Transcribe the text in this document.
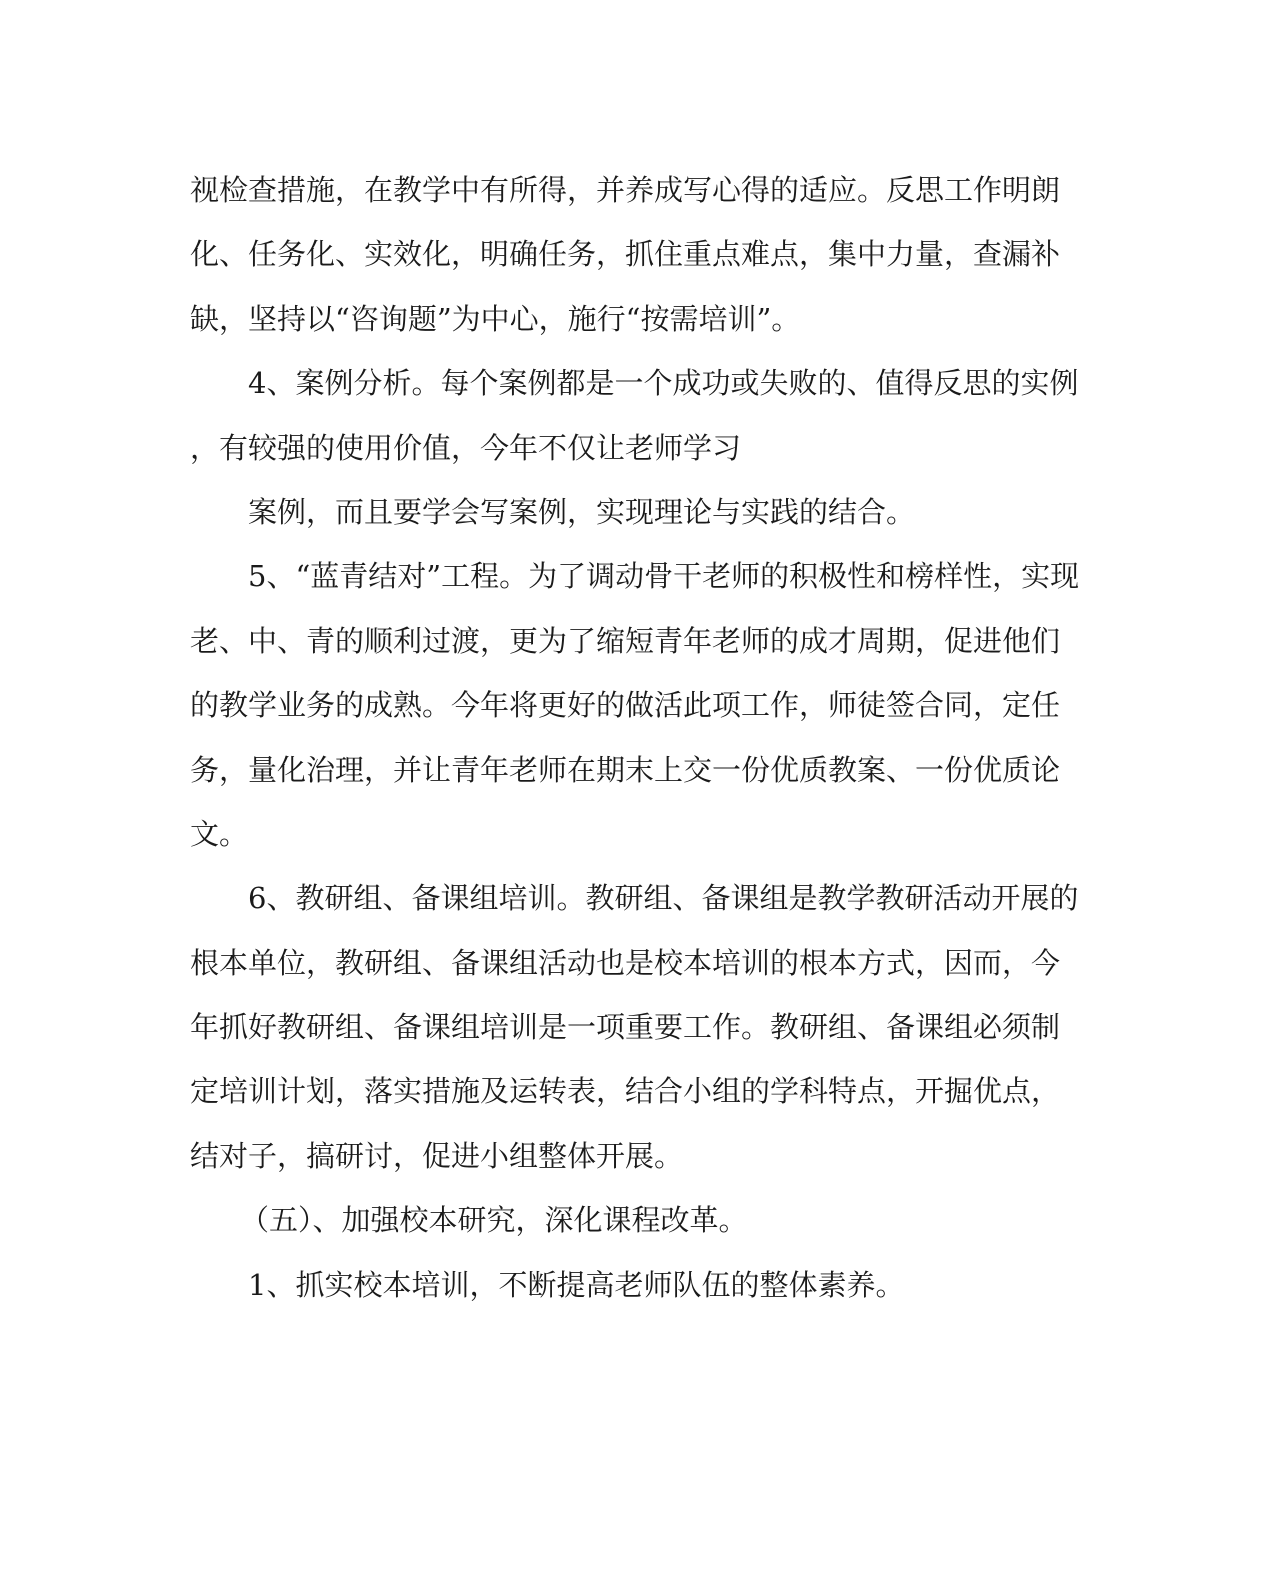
视检查措施，在教学中有所得，并养成写心得的适应。反思工作明朗
化、任务化、实效化，明确任务，抓住重点难点，集中力量，查漏补
缺，坚持以“咨询题”为中心，施行“按需培训”。
4、案例分析。每个案例都是一个成功或失败的、值得反思的实例
，有较强的使用价值，今年不仅让老师学习
案例，而且要学会写案例，实现理论与实践的结合。
5、“蓝青结对”工程。为了调动骨干老师的积极性和榜样性，实现
老、中、青的顺利过渡，更为了缩短青年老师的成才周期，促进他们
的教学业务的成熟。今年将更好的做活此项工作，师徒签合同，定任
务，量化治理，并让青年老师在期末上交一份优质教案、一份优质论
文。
6、教研组、备课组培训。教研组、备课组是教学教研活动开展的
根本单位，教研组、备课组活动也是校本培训的根本方式，因而，今
年抓好教研组、备课组培训是一项重要工作。教研组、备课组必须制
定培训计划，落实措施及运转表，结合小组的学科特点，开掘优点，
结对子，搞研讨，促进小组整体开展。
（五）、加强校本研究，深化课程改革。
1、抓实校本培训，不断提高老师队伍的整体素养。
